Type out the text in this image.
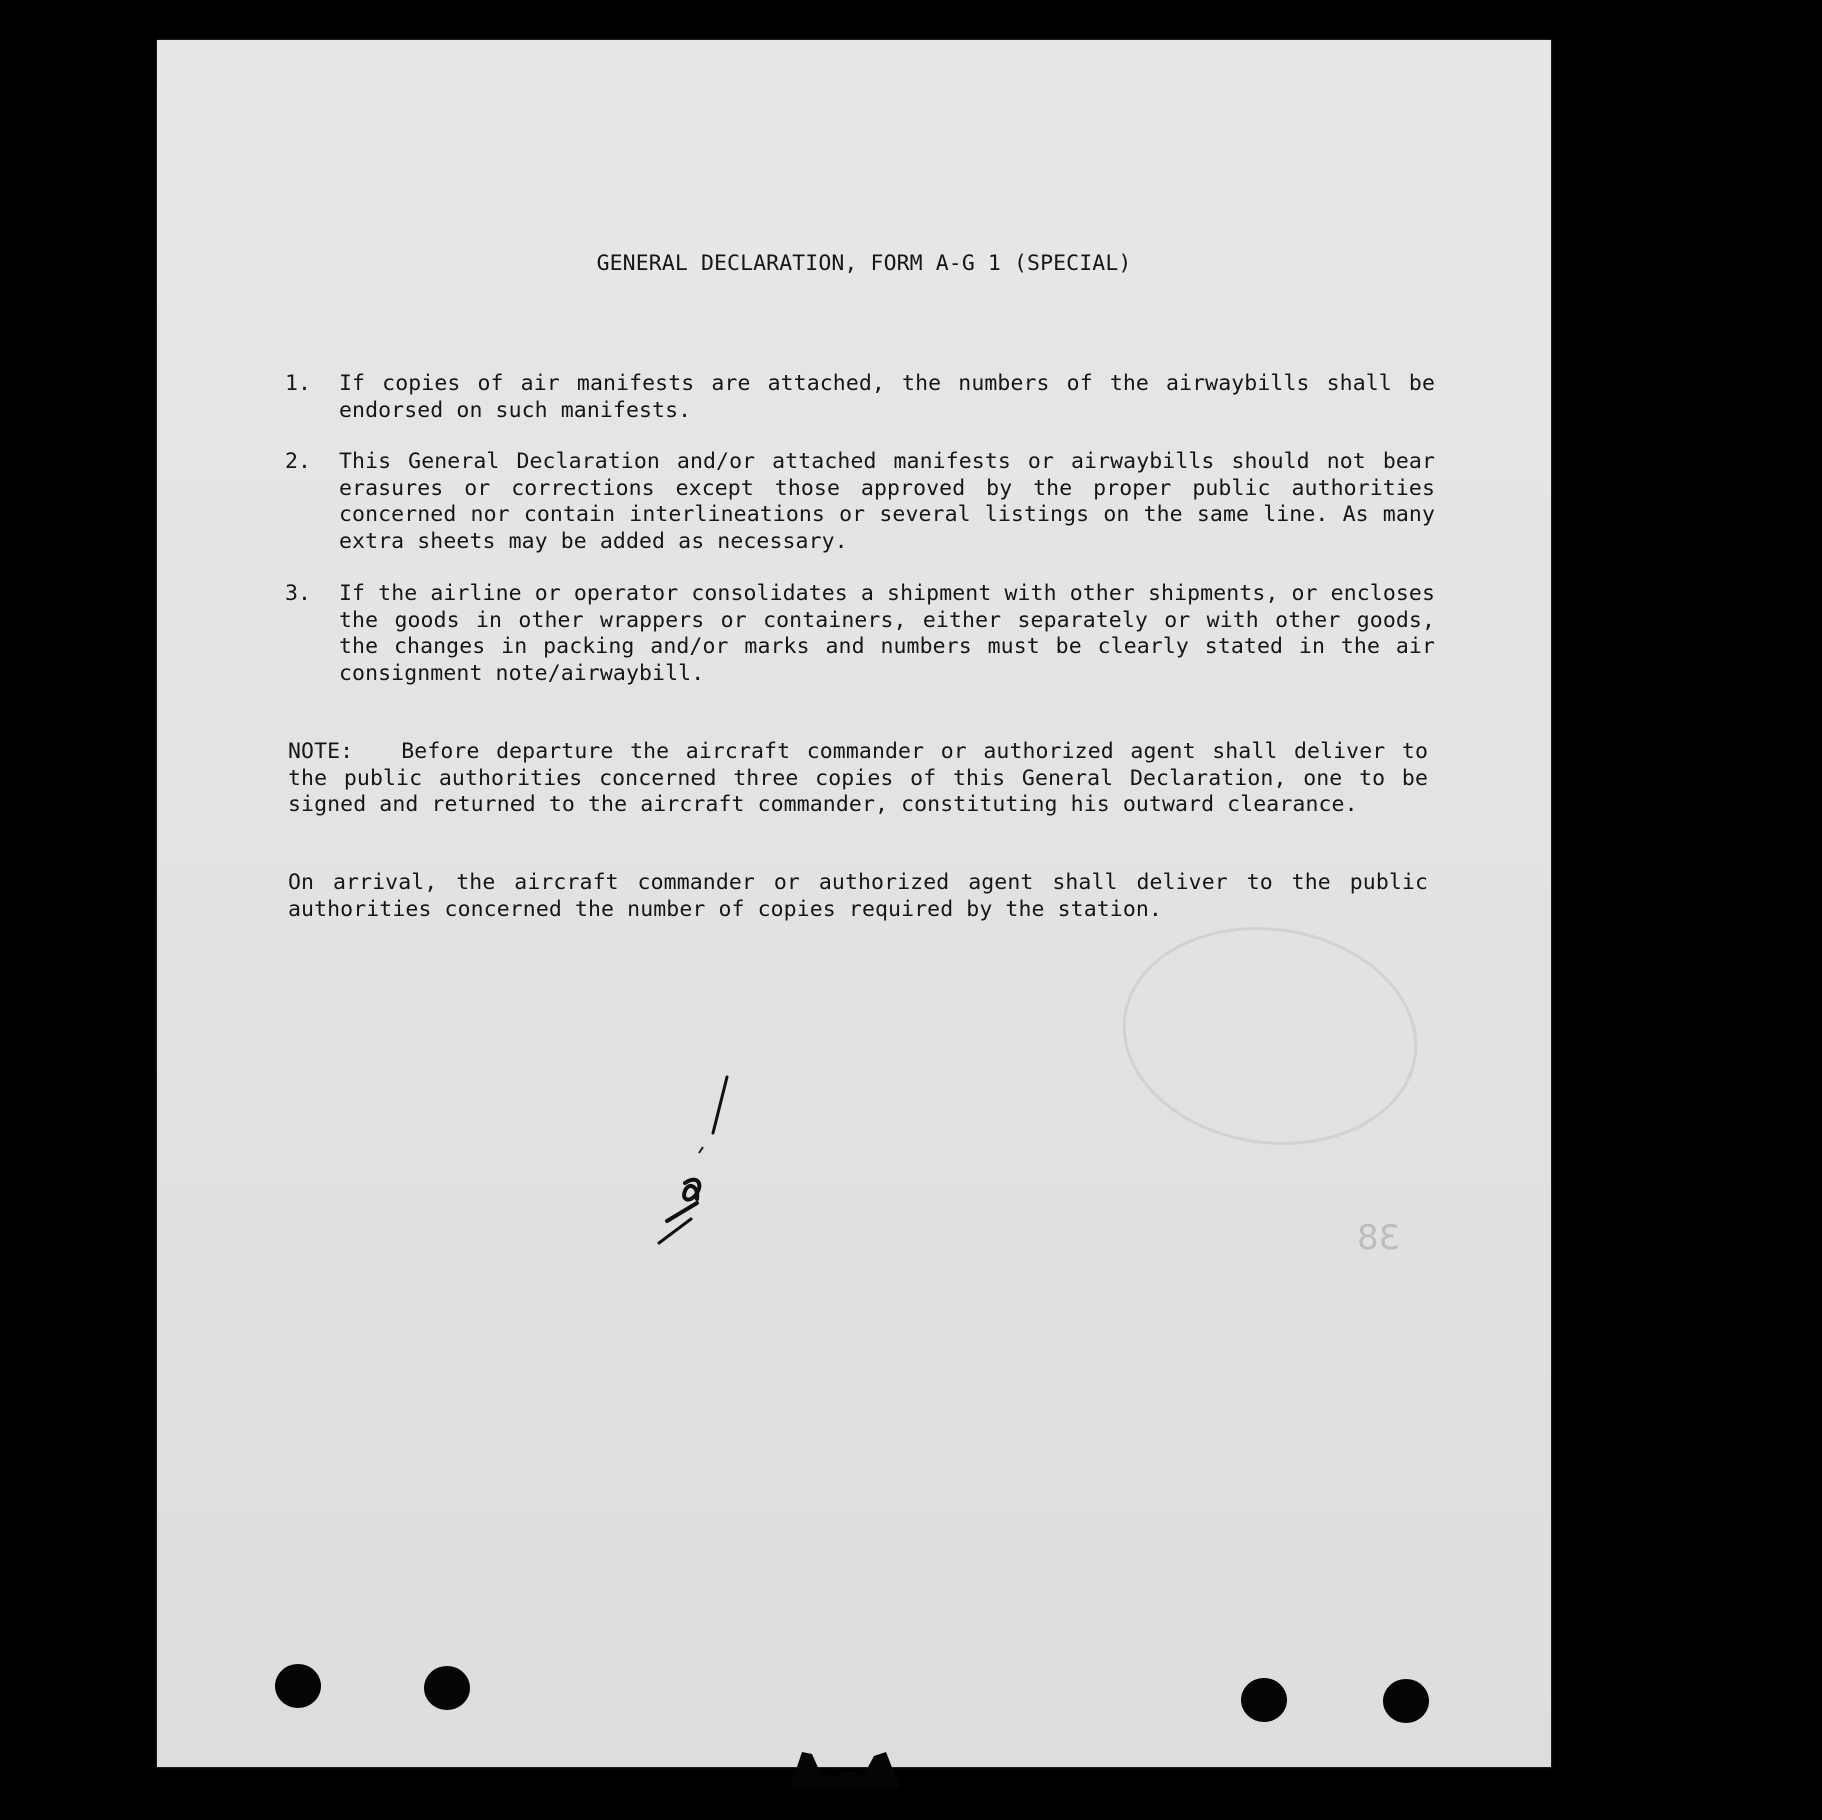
GENERAL DECLARATION, FORM A-G 1 (SPECIAL)
1. If copies of air manifests are attached, the numbers of the airwaybills shall be endorsed on such manifests.
2. This General Declaration and/or attached manifests or airwaybills should not bear erasures or corrections except those approved by the proper public authorities concerned nor contain interlineations or several listings on the same line. As many extra sheets may be added as necessary.
3. If the airline or operator consolidates a shipment with other shipments, or encloses the goods in other wrappers or containers, either separately or with other goods, the changes in packing and/or marks and numbers must be clearly stated in the air consignment note/airwaybill.
NOTE: Before departure the aircraft commander or authorized agent shall deliver to the public authorities concerned three copies of this General Declaration, one to be signed and returned to the aircraft commander, constituting his outward clearance.
On arrival, the aircraft commander or authorized agent shall deliver to the public authorities concerned the number of copies required by the station.
38
